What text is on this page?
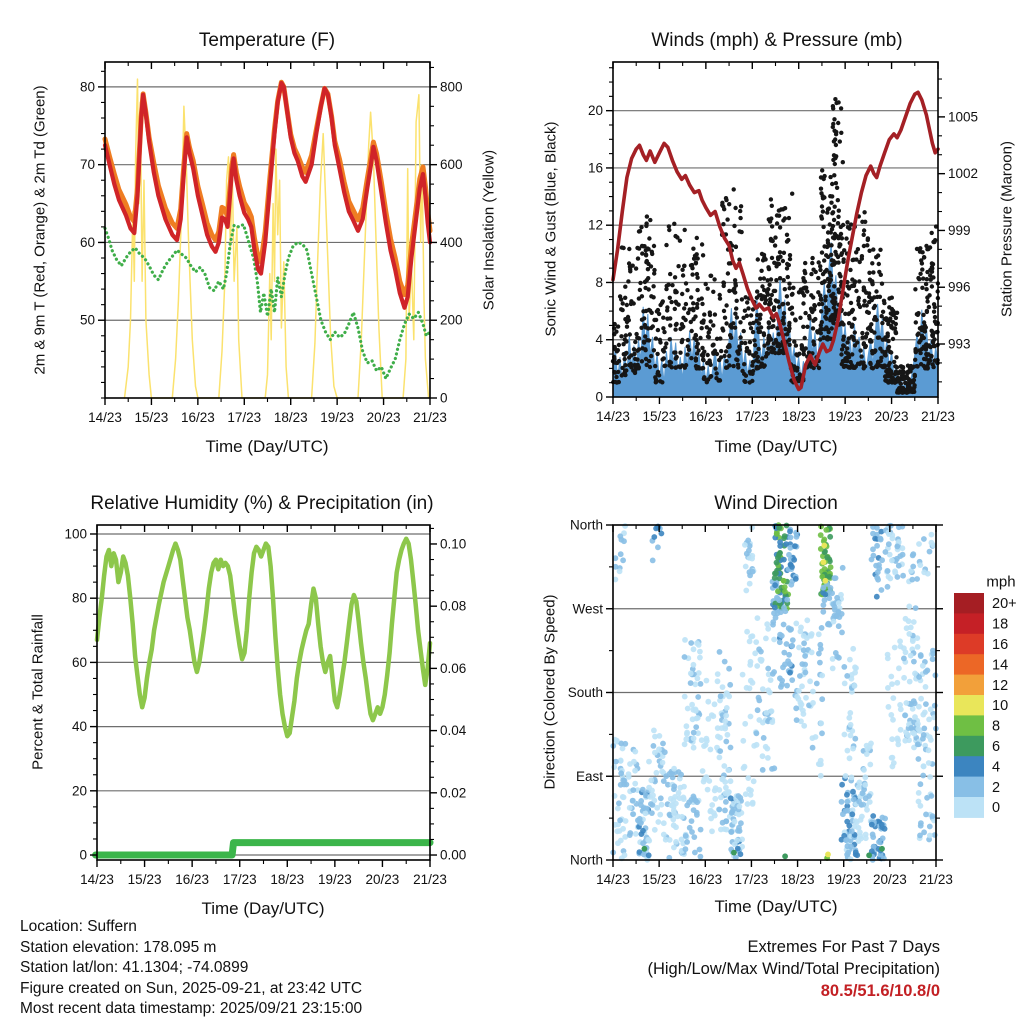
14/23 15/23 16/23 17/23 18/23 19/23 20/23 21/23
50
60
70
80
0
200
400
600
800
14/23 15/23 16/23 17/23 18/23 19/23 20/23 21/23
0
4
8
12
16
20
993
996
999
1002
1005
14/23 15/23 16/23 17/23 18/23 19/23 20/23 21/23
0
20
40
60
80
100
0.00
0.02
0.04
0.06
0.08
0.10
14/23 15/23 16/23 17/23 18/23 19/23 20/23 21/23
North
East
South
West
North
20+
18
16
14
12
10
8
6
4
2
0
Temperature (F)	Winds (mph) & Pressure (mb)
Relative Humidity (%) & Precipitation (in)	Wind Direction
2m & 9m T (Red, Orange) & 2m Td (Green)	Solar Insolation (Yellow)	Sonic Wind & Gust (Blue, Black)	Station Pressure (Maroon)
Percent & Total Rainfall	Direction (Colored By Speed)
Time (Day/UTC)	Time (Day/UTC)
Time (Day/UTC)	Time (Day/UTC)
mph
Location: Suffern
Station elevation: 178.095 m
Station lat/lon: 41.1304; -74.0899
Figure created on Sun, 2025-09-21, at 23:42 UTC
Most recent data timestamp: 2025/09/21 23:15:00
Extremes For Past 7 Days
(High/Low/Max Wind/Total Precipitation)
80.5/51.6/10.8/0
